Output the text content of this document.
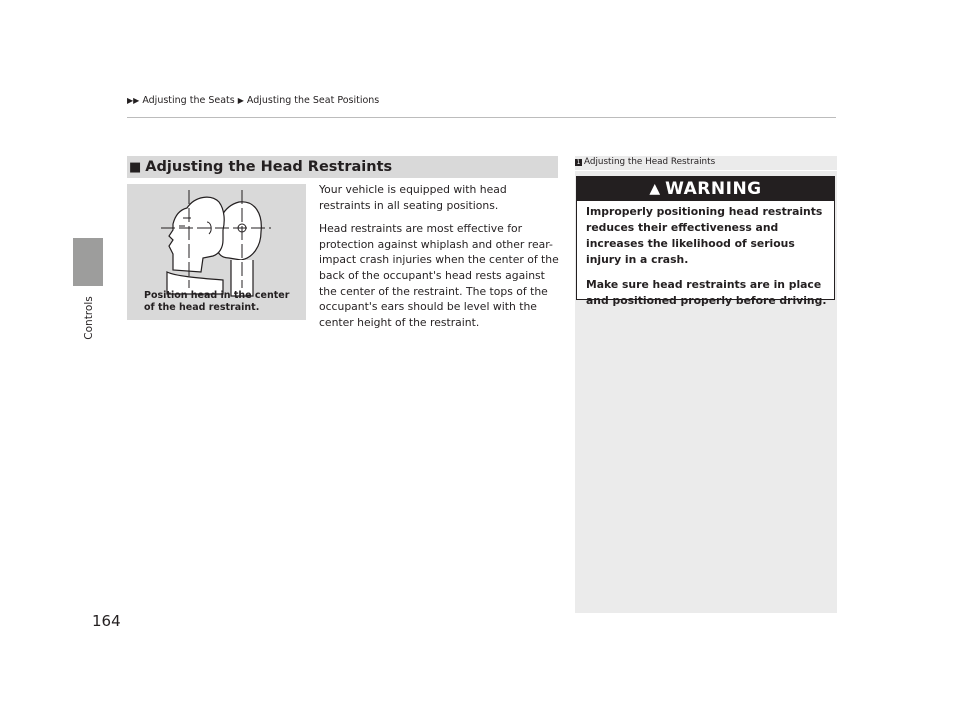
▶▶ Adjusting the Seats ▶ Adjusting the Seat Positions
Controls
164
■ Adjusting the Head Restraints
Position head in the center
of the head restraint.

Your vehicle is equipped with head restraints in all seating positions.

Head restraints are most effective for protection against whiplash and other rear-impact crash injuries when the center of the back of the occupant's head rests against the center of the restraint. The tops of the occupant's ears should be level with the center height of the restraint.

1 Adjusting the Head Restraints
▲ WARNING

Improperly positioning head restraints reduces their effectiveness and increases the likelihood of serious injury in a crash.

Make sure head restraints are in place and positioned properly before driving.
